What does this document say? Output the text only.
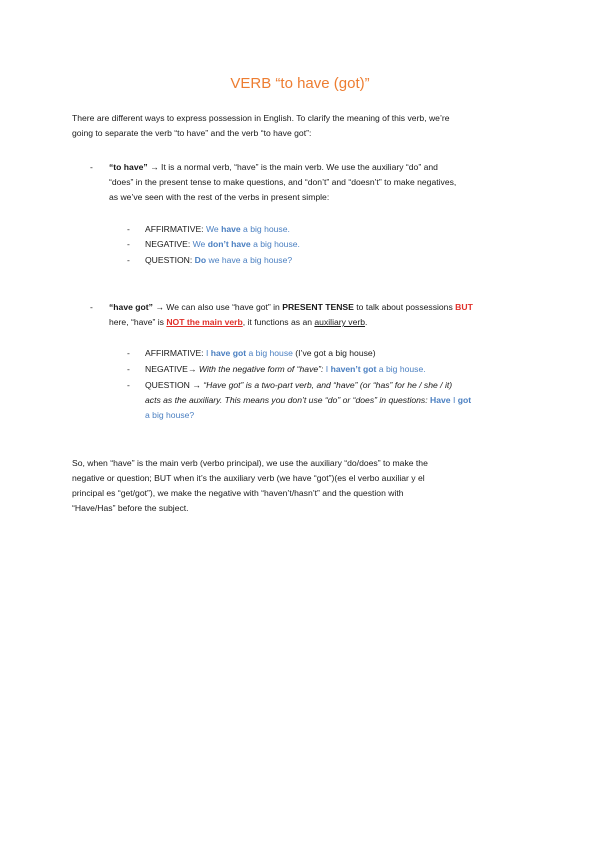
VERB “to have (got)”
There are different ways to express possession in English. To clarify the meaning of this verb, we’re
going to separate the verb “to have” and the verb “to have got”:
- “to have” → It is a normal verb, “have” is the main verb. We use the auxiliary “do” and
“does” in the present tense to make questions, and “don’t” and “doesn’t” to make negatives,
as we’ve seen with the rest of the verbs in present simple:
- AFFIRMATIVE: We have a big house.
- NEGATIVE: We don’t have a big house.
- QUESTION: Do we have a big house?
- “have got” → We can also use “have got” in PRESENT TENSE to talk about possessions BUT
here, “have” is NOT the main verb, it functions as an auxiliary verb.
- AFFIRMATIVE: I have got a big house (I’ve got a big house)
- NEGATIVE→ With the negative form of “have”: I haven’t got a big house.
- QUESTION → “Have got” is a two-part verb, and “have” (or “has” for he / she / it)
acts as the auxiliary. This means you don’t use “do” or “does” in questions: Have I got
a big house?
So, when “have” is the main verb (verbo principal), we use the auxiliary “do/does” to make the
negative or question; BUT when it’s the auxiliary verb (we have “got”)(es el verbo auxiliar y el
principal es “get/got”), we make the negative with “haven’t/hasn’t” and the question with
“Have/Has” before the subject.
